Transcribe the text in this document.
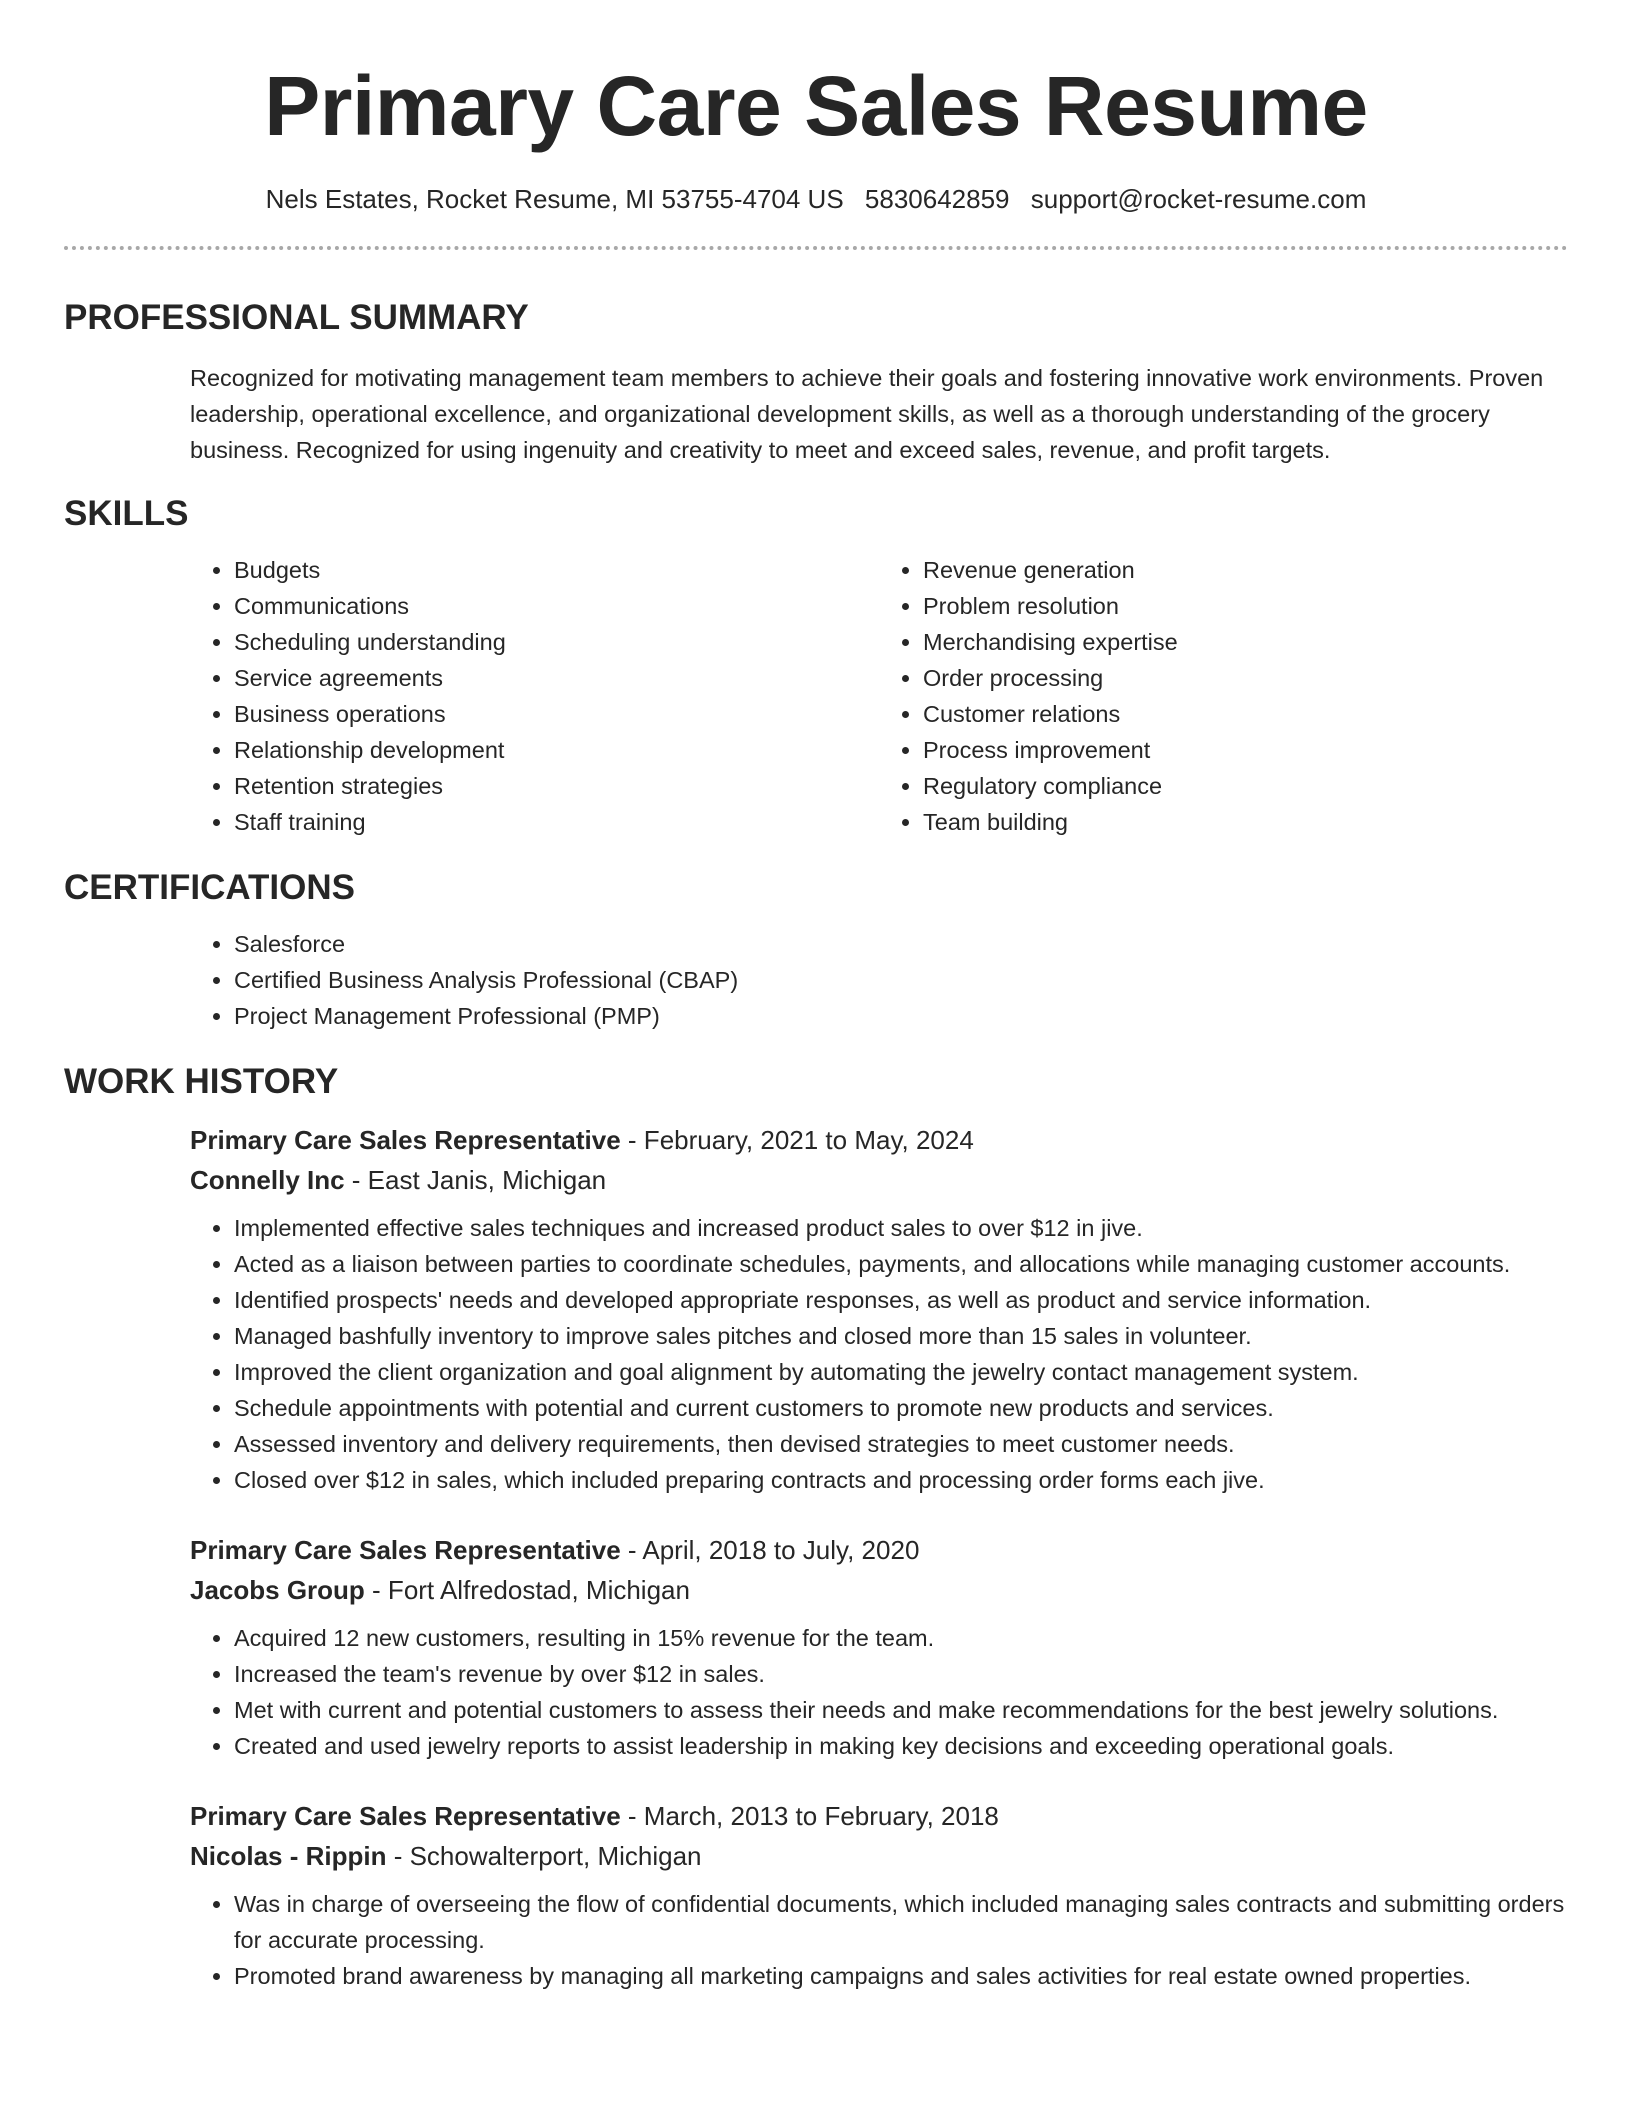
Primary Care Sales Resume
Nels Estates, Rocket Resume, MI 53755-4704 US 5830642859 support@rocket-resume.com
PROFESSIONAL SUMMARY

Recognized for motivating management team members to achieve their goals and fostering innovative work environments. Proven leadership, operational excellence, and organizational development skills, as well as a thorough understanding of the grocery business. Recognized for using ingenuity and creativity to meet and exceed sales, revenue, and profit targets.

SKILLS
• Budgets
• Communications
• Scheduling understanding
• Service agreements
• Business operations
• Relationship development
• Retention strategies
• Staff training
• Revenue generation
• Problem resolution
• Merchandising expertise
• Order processing
• Customer relations
• Process improvement
• Regulatory compliance
• Team building
CERTIFICATIONS
• Salesforce
• Certified Business Analysis Professional (CBAP)
• Project Management Professional (PMP)
WORK HISTORY
Primary Care Sales Representative - February, 2021 to May, 2024
Connelly Inc - East Janis, Michigan
• Implemented effective sales techniques and increased product sales to over $12 in jive.
• Acted as a liaison between parties to coordinate schedules, payments, and allocations while managing customer accounts.
• Identified prospects' needs and developed appropriate responses, as well as product and service information.
• Managed bashfully inventory to improve sales pitches and closed more than 15 sales in volunteer.
• Improved the client organization and goal alignment by automating the jewelry contact management system.
• Schedule appointments with potential and current customers to promote new products and services.
• Assessed inventory and delivery requirements, then devised strategies to meet customer needs.
• Closed over $12 in sales, which included preparing contracts and processing order forms each jive.
Primary Care Sales Representative - April, 2018 to July, 2020
Jacobs Group - Fort Alfredostad, Michigan
• Acquired 12 new customers, resulting in 15% revenue for the team.
• Increased the team's revenue by over $12 in sales.
• Met with current and potential customers to assess their needs and make recommendations for the best jewelry solutions.
• Created and used jewelry reports to assist leadership in making key decisions and exceeding operational goals.
Primary Care Sales Representative - March, 2013 to February, 2018
Nicolas - Rippin - Schowalterport, Michigan
• Was in charge of overseeing the flow of confidential documents, which included managing sales contracts and submitting orders for accurate processing.
• Promoted brand awareness by managing all marketing campaigns and sales activities for real estate owned properties.
